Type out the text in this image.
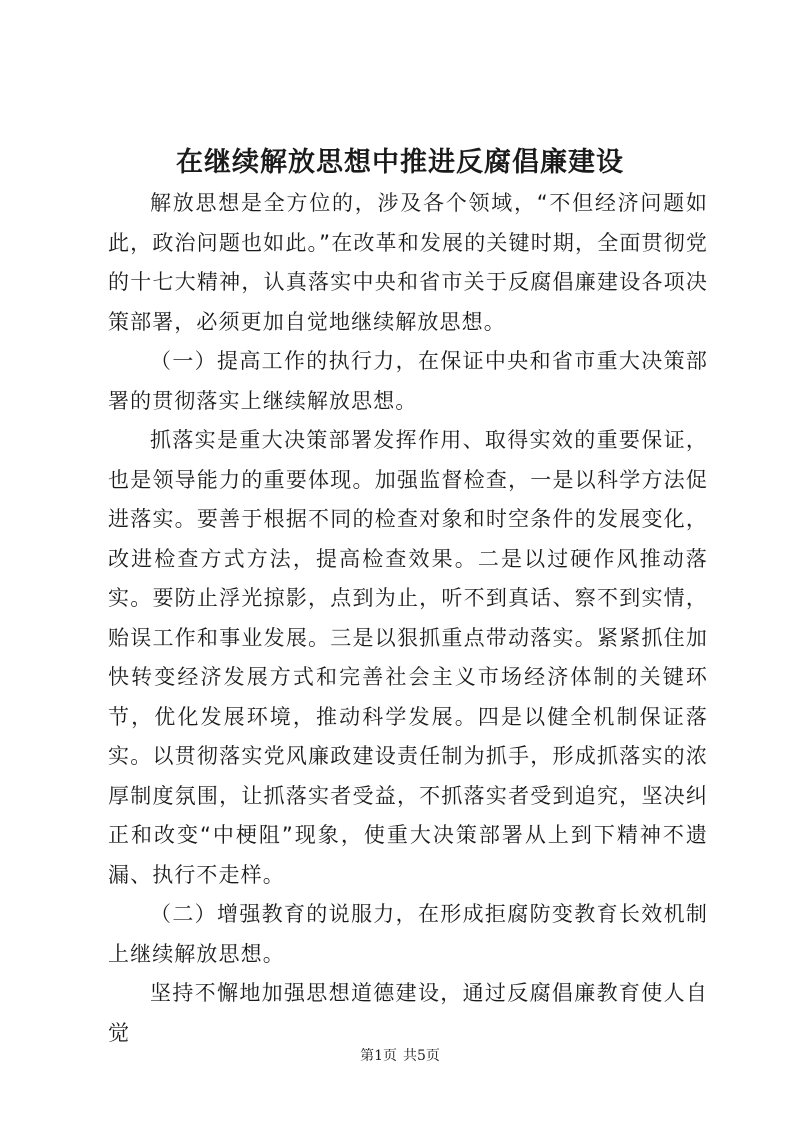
在继续解放思想中推进反腐倡廉建设

解放思想是全方位的，涉及各个领域，“不但经济问题如此，政治问题也如此。”在改革和发展的关键时期，全面贯彻党的十七大精神，认真落实中央和省市关于反腐倡廉建设各项决策部署，必须更加自觉地继续解放思想。

（一）提高工作的执行力，在保证中央和省市重大决策部署的贯彻落实上继续解放思想。

抓落实是重大决策部署发挥作用、取得实效的重要保证，也是领导能力的重要体现。加强监督检查，一是以科学方法促进落实。要善于根据不同的检查对象和时空条件的发展变化，改进检查方式方法，提高检查效果。二是以过硬作风推动落实。要防止浮光掠影，点到为止，听不到真话、察不到实情，贻误工作和事业发展。三是以狠抓重点带动落实。紧紧抓住加快转变经济发展方式和完善社会主义市场经济体制的关键环节，优化发展环境，推动科学发展。四是以健全机制保证落实。以贯彻落实党风廉政建设责任制为抓手，形成抓落实的浓厚制度氛围，让抓落实者受益，不抓落实者受到追究，坚决纠正和改变“中梗阻”现象，使重大决策部署从上到下精神不遗漏、执行不走样。

（二）增强教育的说服力，在形成拒腐防变教育长效机制上继续解放思想。

坚持不懈地加强思想道德建设，通过反腐倡廉教育使人自觉

第1页 共5页
